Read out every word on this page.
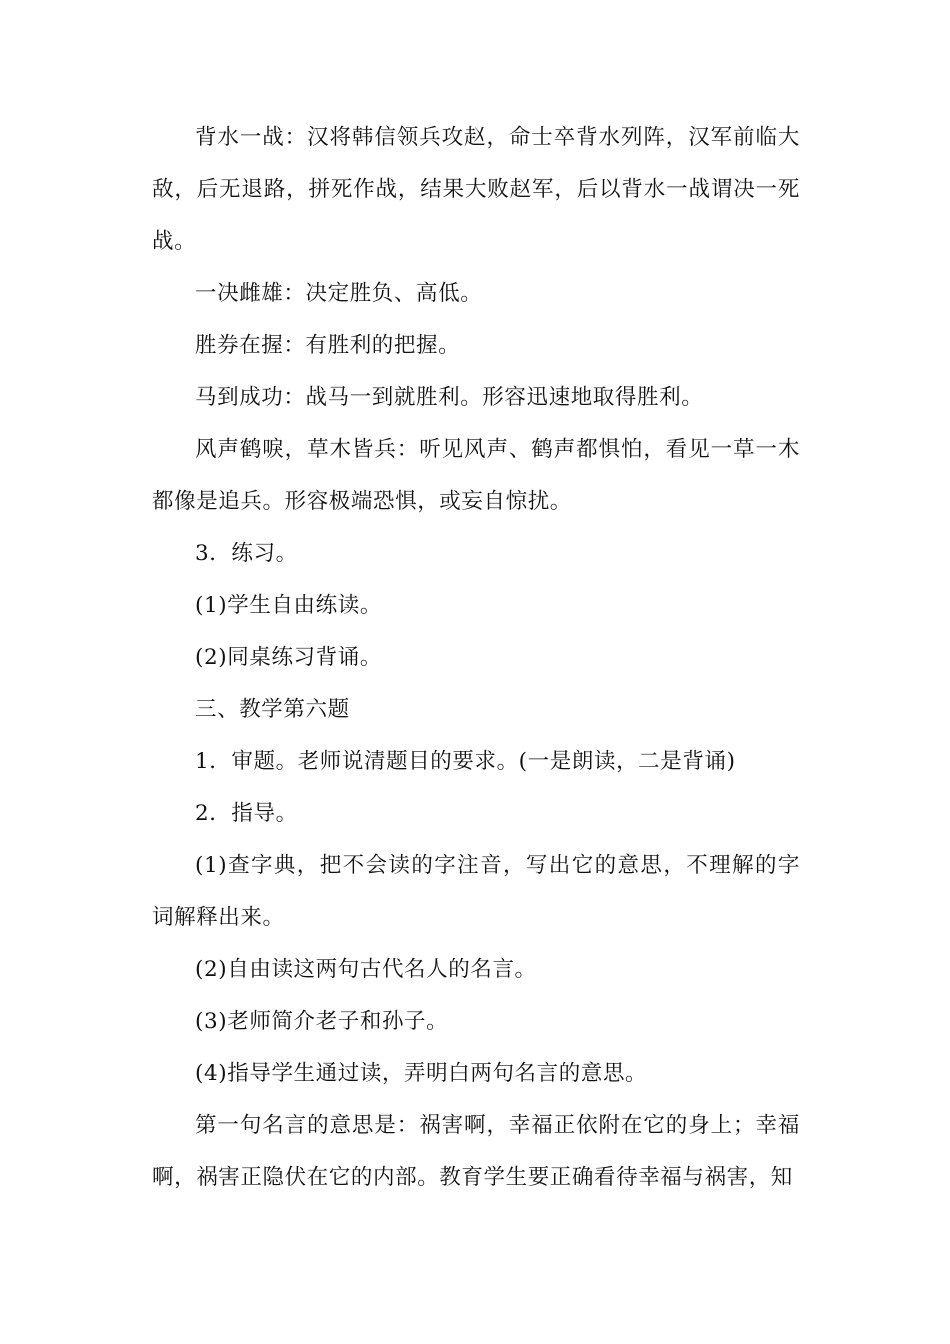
背水一战：汉将韩信领兵攻赵，命士卒背水列阵，汉军前临大敌，后无退路，拼死作战，结果大败赵军，后以背水一战谓决一死战。

一决雌雄：决定胜负、高低。

胜券在握：有胜利的把握。

马到成功：战马一到就胜利。形容迅速地取得胜利。

风声鹤唳，草木皆兵：听见风声、鹤声都惧怕，看见一草一木都像是追兵。形容极端恐惧，或妄自惊扰。

3．练习。

(1)学生自由练读。

(2)同桌练习背诵。

三、教学第六题

1．审题。老师说清题目的要求。(一是朗读，二是背诵)

2．指导。

(1)查字典，把不会读的字注音，写出它的意思，不理解的字词解释出来。

(2)自由读这两句古代名人的名言。

(3)老师简介老子和孙子。

(4)指导学生通过读，弄明白两句名言的意思。

第一句名言的意思是：祸害啊，幸福正依附在它的身上；幸福啊，祸害正隐伏在它的内部。教育学生要正确看待幸福与祸害，知
